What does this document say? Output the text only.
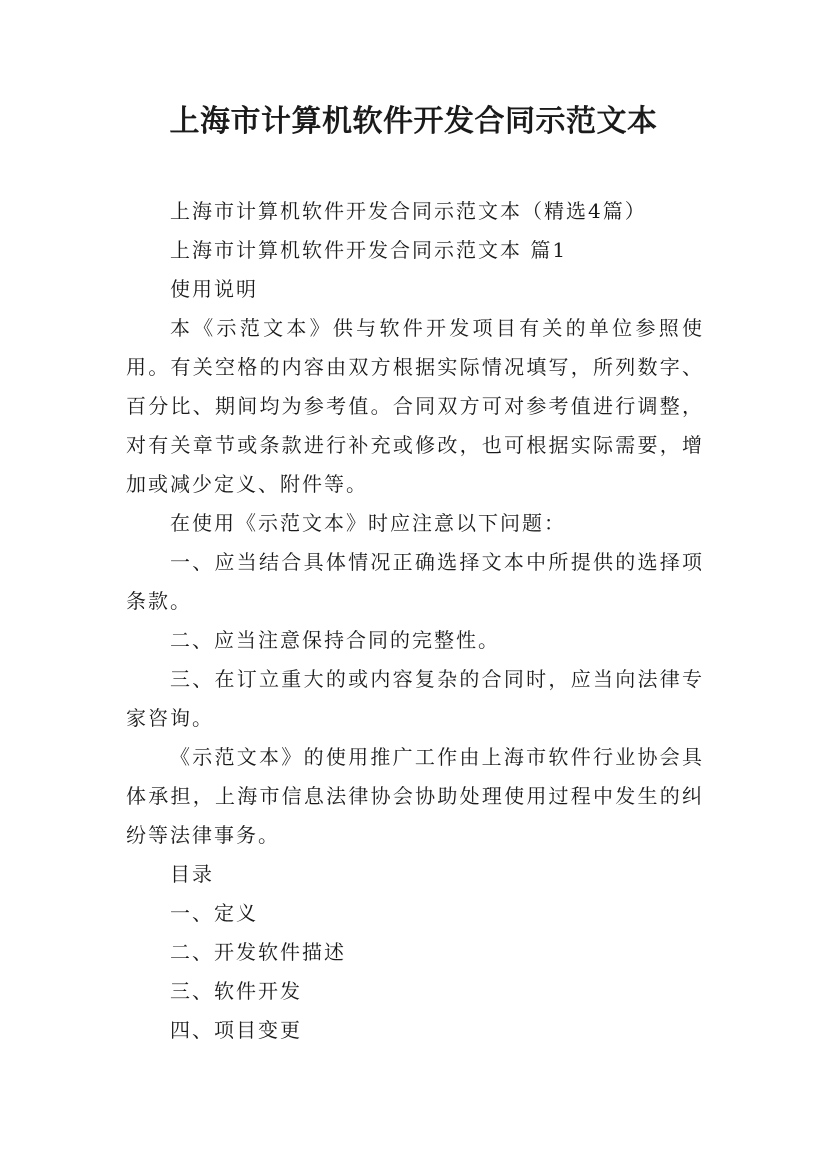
上海市计算机软件开发合同示范文本

上海市计算机软件开发合同示范文本（精选4篇）

上海市计算机软件开发合同示范文本 篇1

使用说明

本《示范文本》供与软件开发项目有关的单位参照使用。有关空格的内容由双方根据实际情况填写，所列数字、百分比、期间均为参考值。合同双方可对参考值进行调整，对有关章节或条款进行补充或修改，也可根据实际需要，增加或减少定义、附件等。

在使用《示范文本》时应注意以下问题：

一、应当结合具体情况正确选择文本中所提供的选择项条款。

二、应当注意保持合同的完整性。

三、在订立重大的或内容复杂的合同时，应当向法律专家咨询。

《示范文本》的使用推广工作由上海市软件行业协会具体承担，上海市信息法律协会协助处理使用过程中发生的纠纷等法律事务。

目录

一、定义

二、开发软件描述

三、软件开发

四、项目变更
